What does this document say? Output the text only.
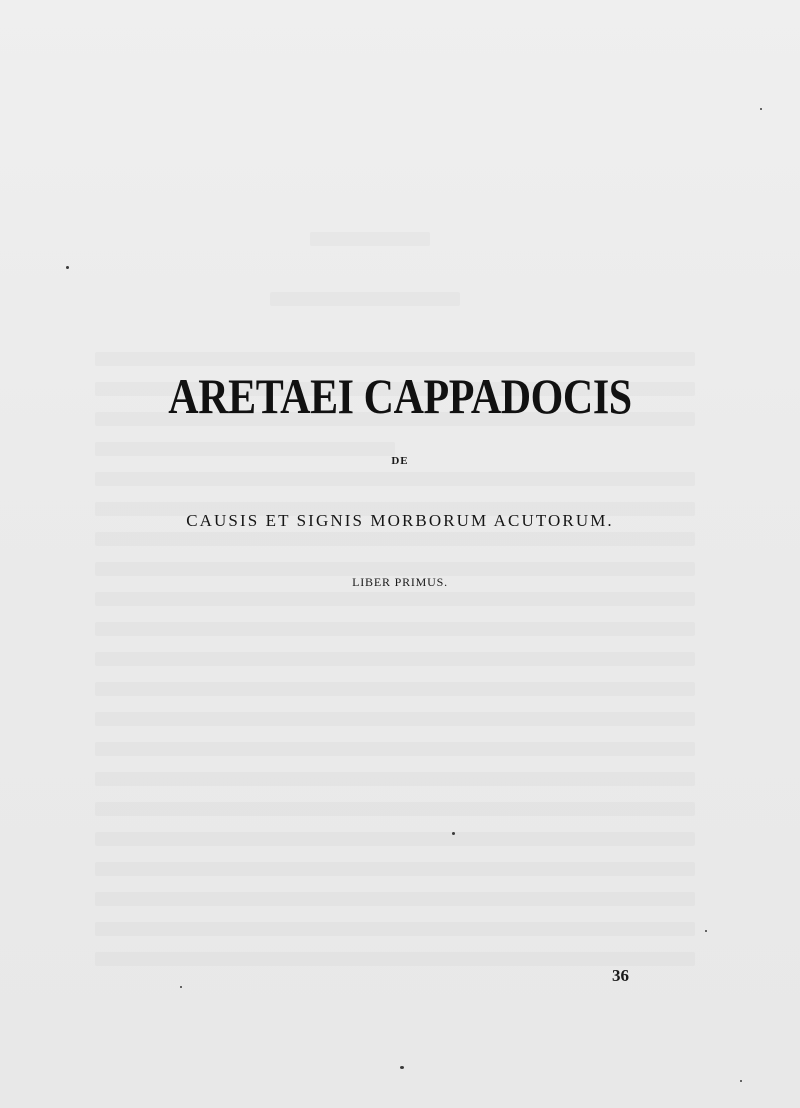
ARETAEI CAPPADOCIS
DE
CAUSIS ET SIGNIS MORBORUM ACUTORUM.
LIBER PRIMUS.
36
